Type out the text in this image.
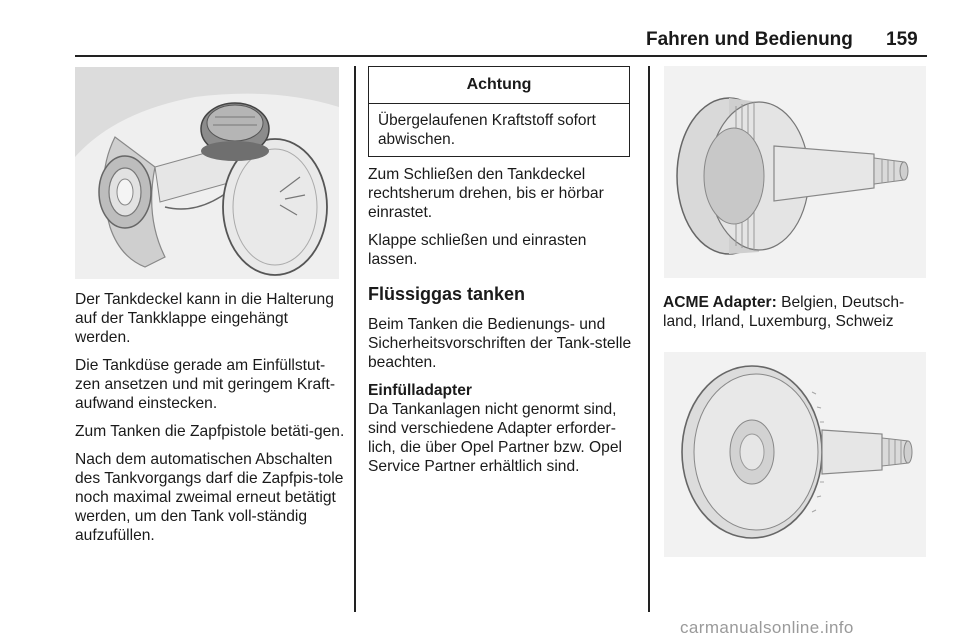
Fahren und Bedienung 159

Der Tankdeckel kann in die Halterung auf der Tankklappe eingehängt werden.

Die Tankdüse gerade am Einfüllstut-zen ansetzen und mit geringem Kraft-aufwand einstecken.

Zum Tanken die Zapfpistole betäti-gen.

Nach dem automatischen Abschalten des Tankvorgangs darf die Zapfpis-tole noch maximal zweimal erneut betätigt werden, um den Tank voll-ständig aufzufüllen.

Achtung
Übergelaufenen Kraftstoff sofort abwischen.

Zum Schließen den Tankdeckel rechtsherum drehen, bis er hörbar einrastet.

Klappe schließen und einrasten lassen.

Flüssiggas tanken

Beim Tanken die Bedienungs- und Sicherheitsvorschriften der Tank-stelle beachten.

Einfülladapter

Da Tankanlagen nicht genormt sind, sind verschiedene Adapter erforder-lich, die über Opel Partner bzw. Opel Service Partner erhältlich sind.

ACME Adapter: Belgien, Deutsch-land, Irland, Luxemburg, Schweiz

carmanualsonline.info
